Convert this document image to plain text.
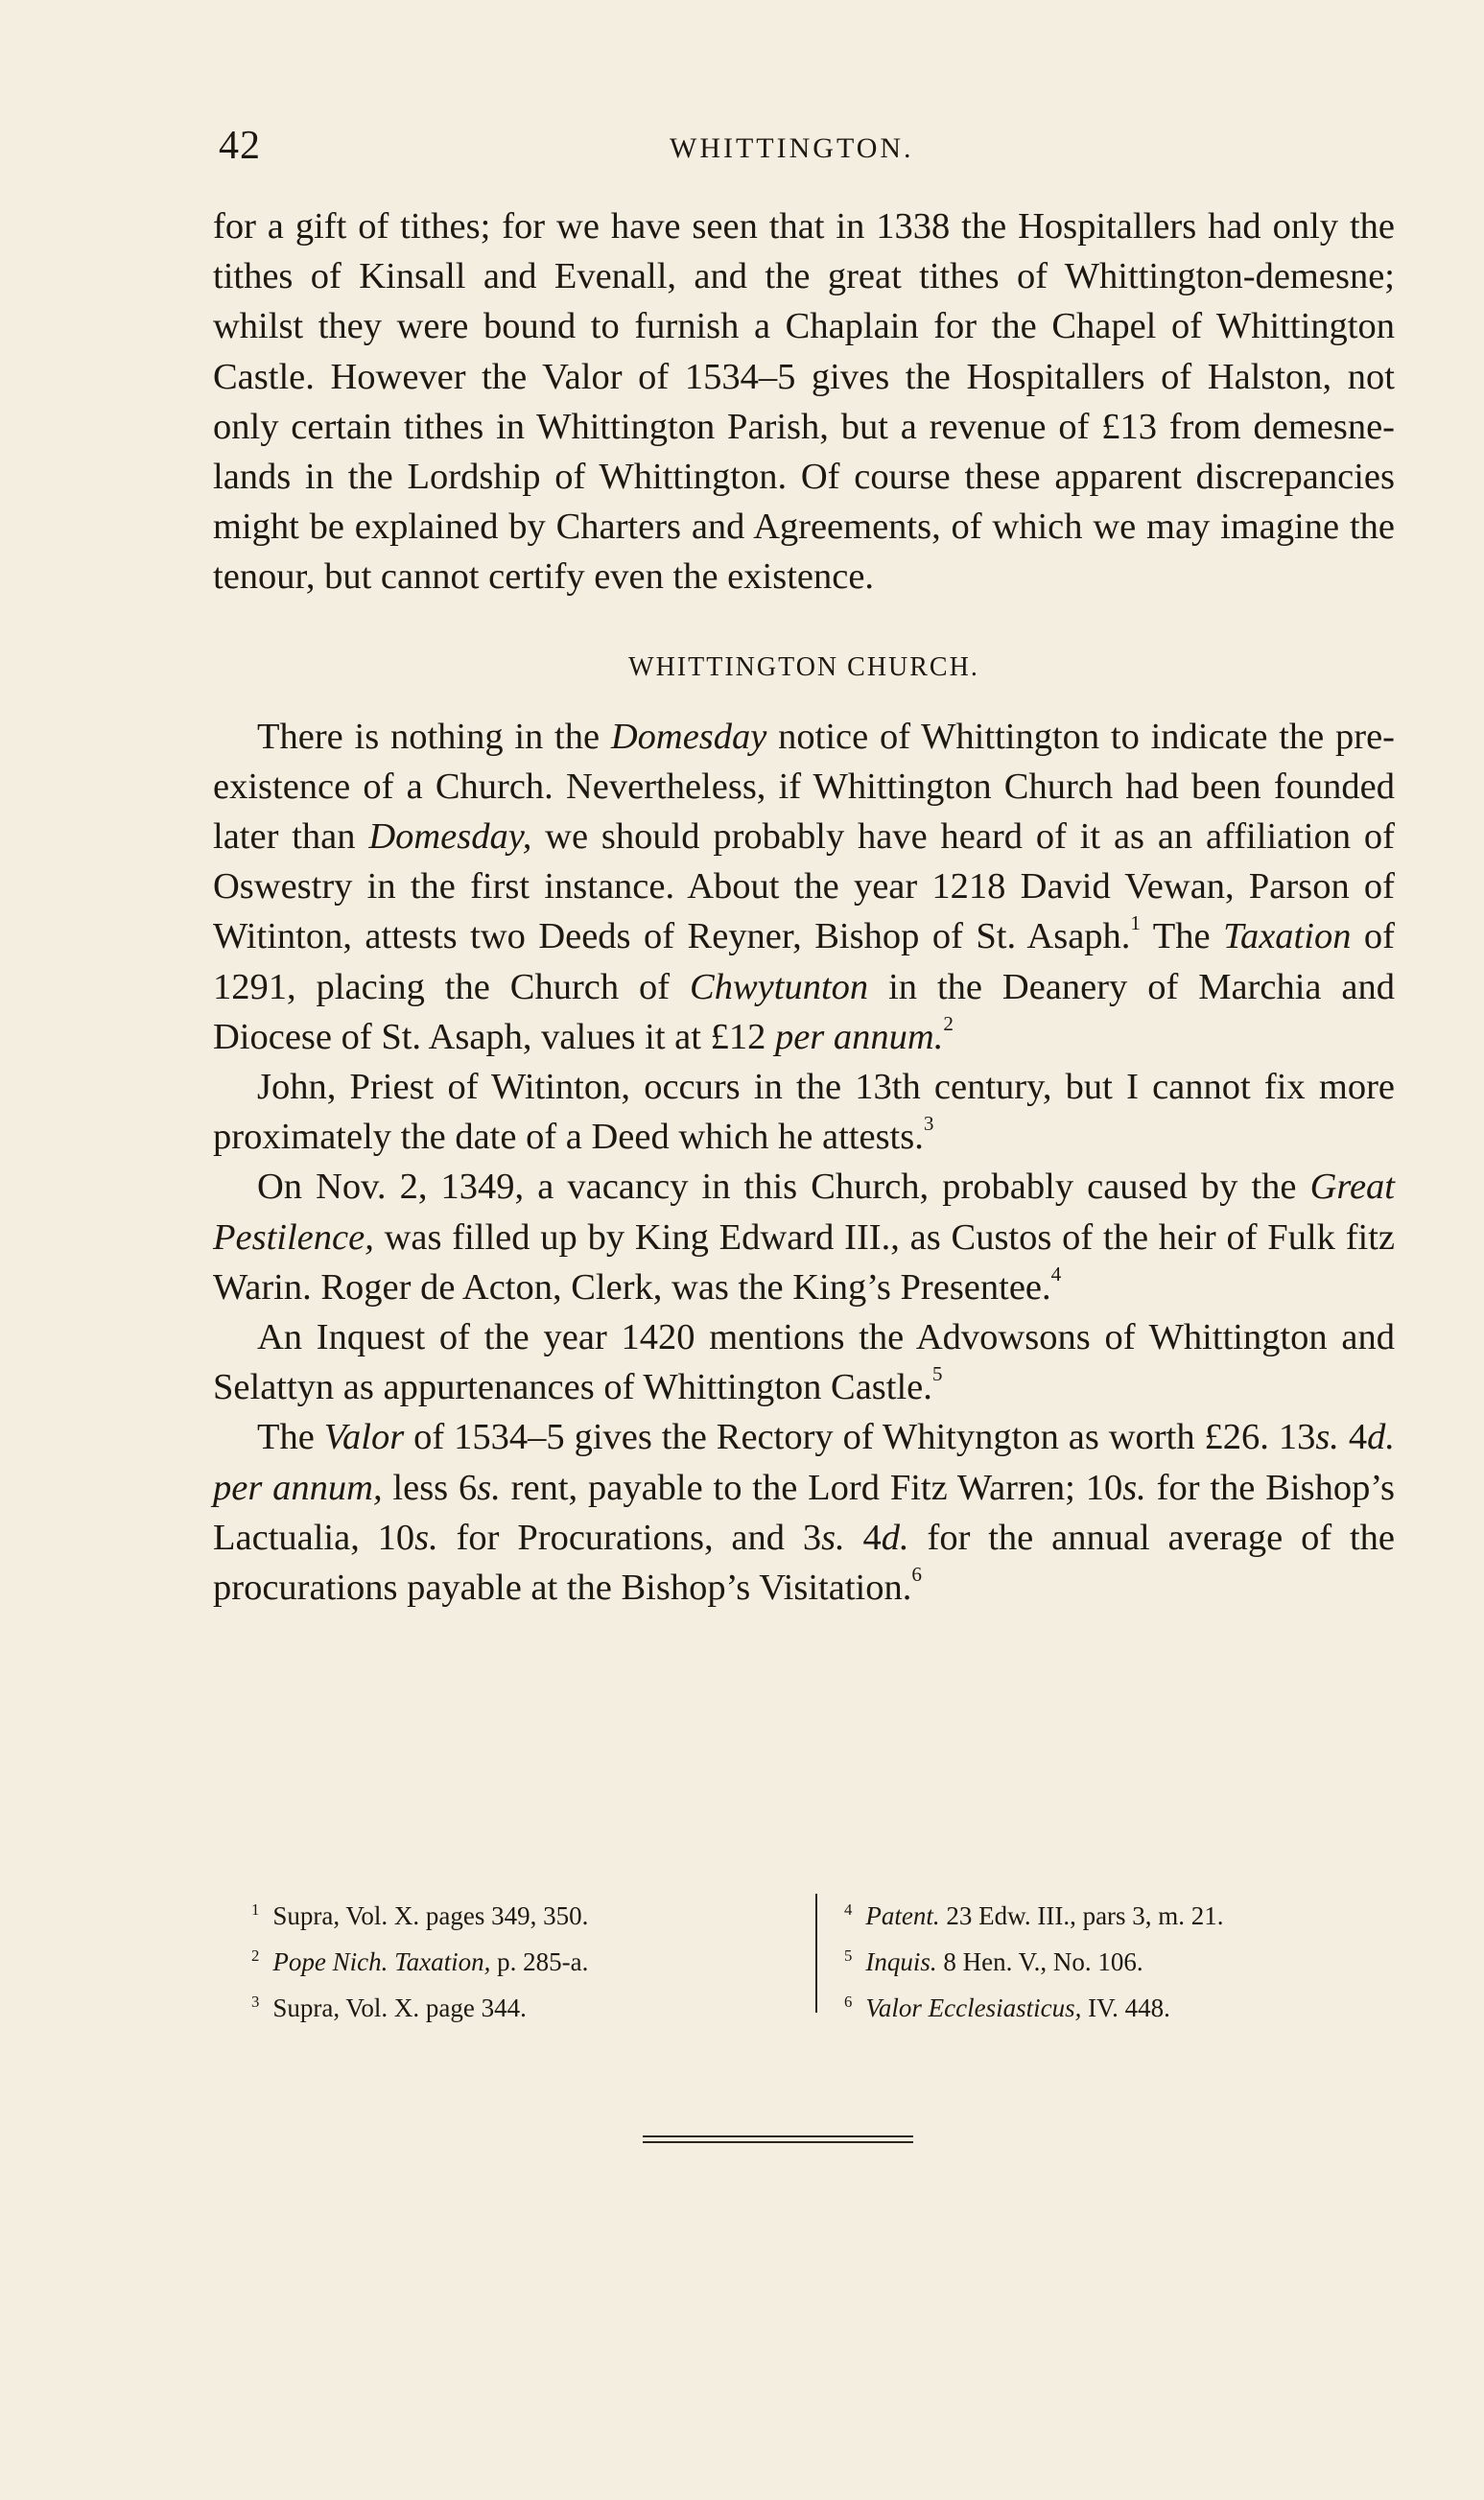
42	WHITTINGTON.

for a gift of tithes; for we have seen that in 1338 the Hospitallers had only the tithes of Kinsall and Evenall, and the great tithes of Whittington-demesne; whilst they were bound to furnish a Chaplain for the Chapel of Whittington Castle. However the Valor of 1534–5 gives the Hospitallers of Halston, not only certain tithes in Whittington Parish, but a revenue of £13 from demesne-lands in the Lordship of Whittington. Of course these apparent discrepancies might be explained by Charters and Agreements, of which we may imagine the tenour, but cannot certify even the existence.

WHITTINGTON CHURCH.

There is nothing in the Domesday notice of Whittington to indicate the pre-existence of a Church. Nevertheless, if Whittington Church had been founded later than Domesday, we should probably have heard of it as an affiliation of Oswestry in the first instance. About the year 1218 David Vewan, Parson of Witinton, attests two Deeds of Reyner, Bishop of St. Asaph.$^1$ The Taxation of 1291, placing the Church of Chwytunton in the Deanery of Marchia and Diocese of St. Asaph, values it at £12 per annum.$^2$

John, Priest of Witinton, occurs in the 13th century, but I cannot fix more proximately the date of a Deed which he attests.$^3$

On Nov. 2, 1349, a vacancy in this Church, probably caused by the Great Pestilence, was filled up by King Edward III., as Custos of the heir of Fulk fitz Warin. Roger de Acton, Clerk, was the King’s Presentee.$^4$

An Inquest of the year 1420 mentions the Advowsons of Whittington and Selattyn as appurtenances of Whittington Castle.$^5$

The Valor of 1534–5 gives the Rectory of Whityngton as worth £26. 13s. 4d. per annum, less 6s. rent, payable to the Lord Fitz Warren; 10s. for the Bishop’s Lactualia, 10s. for Procurations, and 3s. 4d. for the annual average of the procurations payable at the Bishop’s Visitation.$^6$

$^1$ Supra, Vol. X. pages 349, 350.
$^2$ Pope Nich. Taxation, p. 285-a.
$^3$ Supra, Vol. X. page 344.
$^4$ Patent. 23 Edw. III., pars 3, m. 21.
$^5$ Inquis. 8 Hen. V., No. 106.
$^6$ Valor Ecclesiasticus, IV. 448.
